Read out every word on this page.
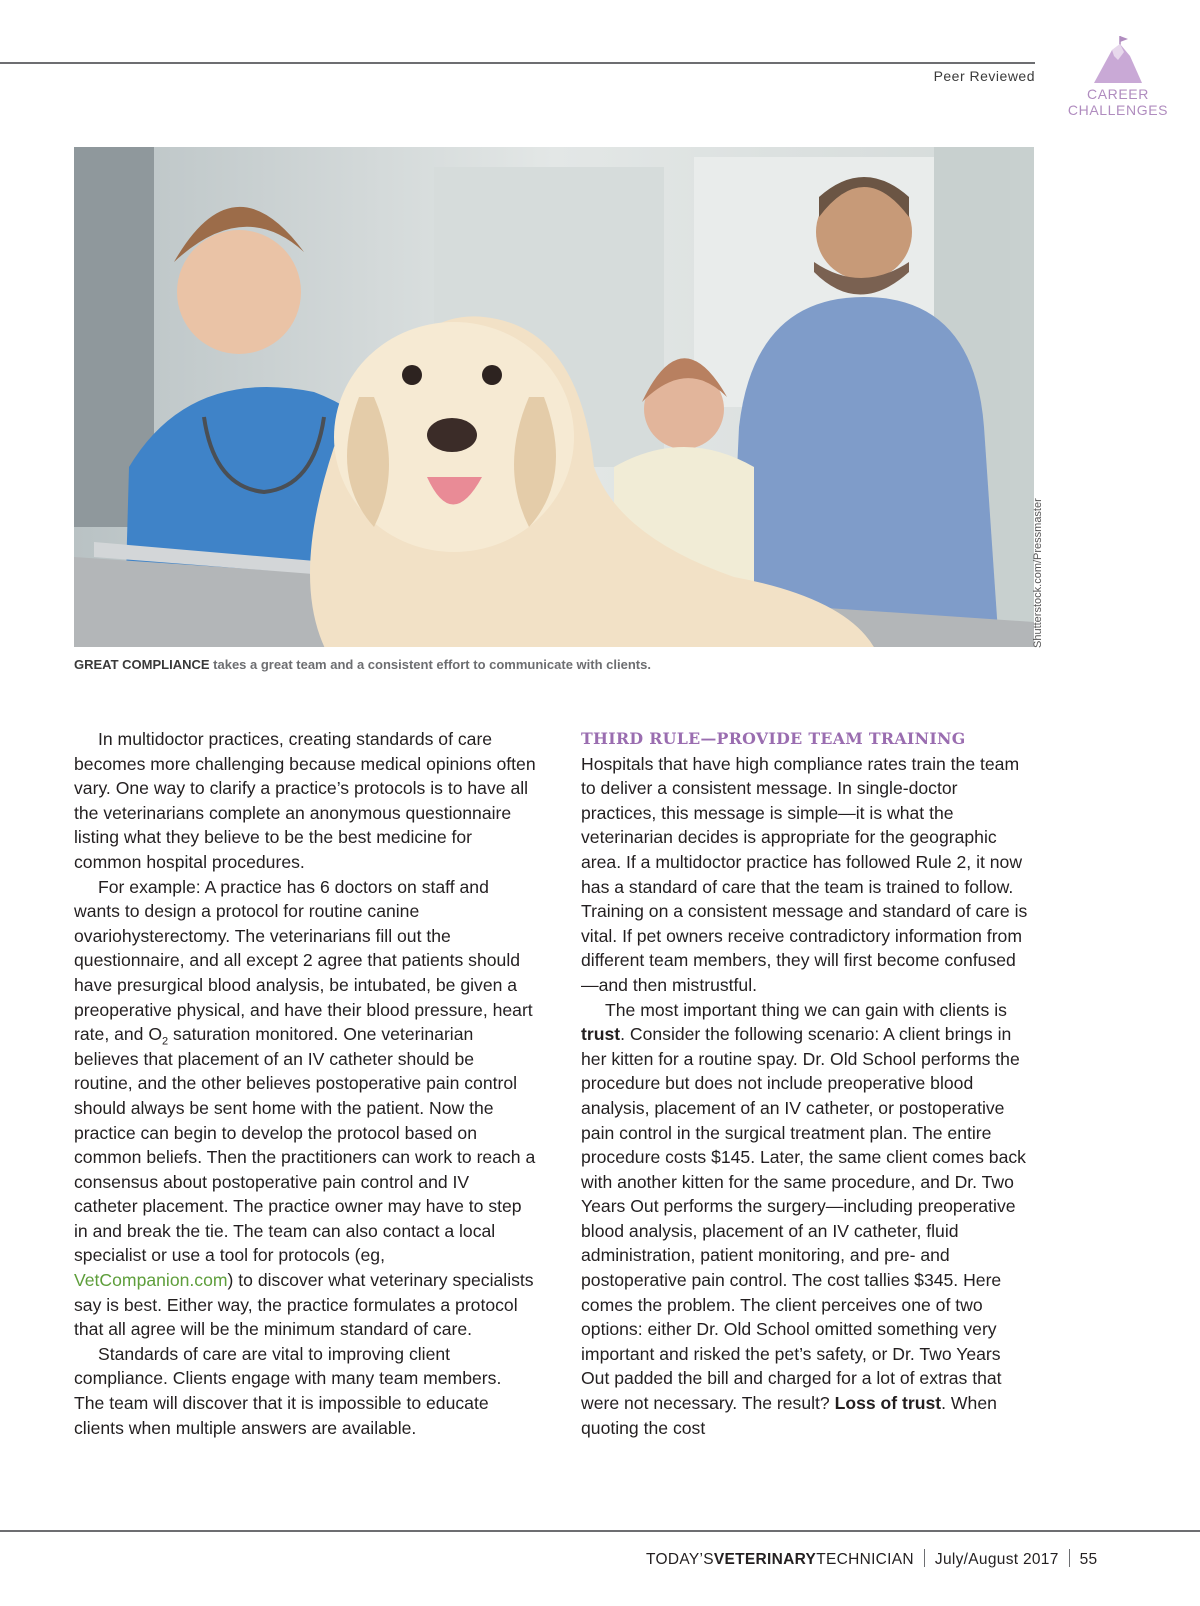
Peer Reviewed
CAREER
CHALLENGES
Shutterstock.com/Pressmaster
GREAT COMPLIANCE takes a great team and a consistent effort to communicate with clients.

In multidoctor practices, creating standards of care becomes more challenging because medical opinions often vary. One way to clarify a practice’s protocols is to have all the veterinarians complete an anonymous questionnaire listing what they believe to be the best medicine for common hospital procedures.

For example: A practice has 6 doctors on staff and wants to design a protocol for routine canine ovariohysterectomy. The veterinarians fill out the questionnaire, and all except 2 agree that patients should have presurgical blood analysis, be intubated, be given a preoperative physical, and have their blood pressure, heart rate, and $O_2$ saturation monitored. One veterinarian believes that placement of an IV catheter should be routine, and the other believes postoperative pain control should always be sent home with the patient. Now the practice can begin to develop the protocol based on common beliefs. Then the practitioners can work to reach a consensus about postoperative pain control and IV catheter placement. The practice owner may have to step in and break the tie. The team can also contact a local specialist or use a tool for protocols (eg, VetCompanion.com) to discover what veterinary specialists say is best. Either way, the practice formulates a protocol that all agree will be the minimum standard of care.

Standards of care are vital to improving client compliance. Clients engage with many team members. The team will discover that it is impossible to educate clients when multiple answers are available.

THIRD RULE—PROVIDE TEAM TRAINING

Hospitals that have high compliance rates train the team to deliver a consistent message. In single-doctor practices, this message is simple—it is what the veterinarian decides is appropriate for the geographic area. If a multidoctor practice has followed Rule 2, it now has a standard of care that the team is trained to follow. Training on a consistent message and standard of care is vital. If pet owners receive contradictory information from different team members, they will first become confused—and then mistrustful.

The most important thing we can gain with clients is trust. Consider the following scenario: A client brings in her kitten for a routine spay. Dr. Old School performs the procedure but does not include preoperative blood analysis, placement of an IV catheter, or postoperative pain control in the surgical treatment plan. The entire procedure costs $145. Later, the same client comes back with another kitten for the same procedure, and Dr. Two Years Out performs the surgery—including preoperative blood analysis, placement of an IV catheter, fluid administration, patient monitoring, and pre- and postoperative pain control. The cost tallies $345. Here comes the problem. The client perceives one of two options: either Dr. Old School omitted something very important and risked the pet’s safety, or Dr. Two Years Out padded the bill and charged for a lot of extras that were not necessary. The result? Loss of trust. When quoting the cost

TODAY’SVETERINARYTECHNICIAN July/August 2017 55
